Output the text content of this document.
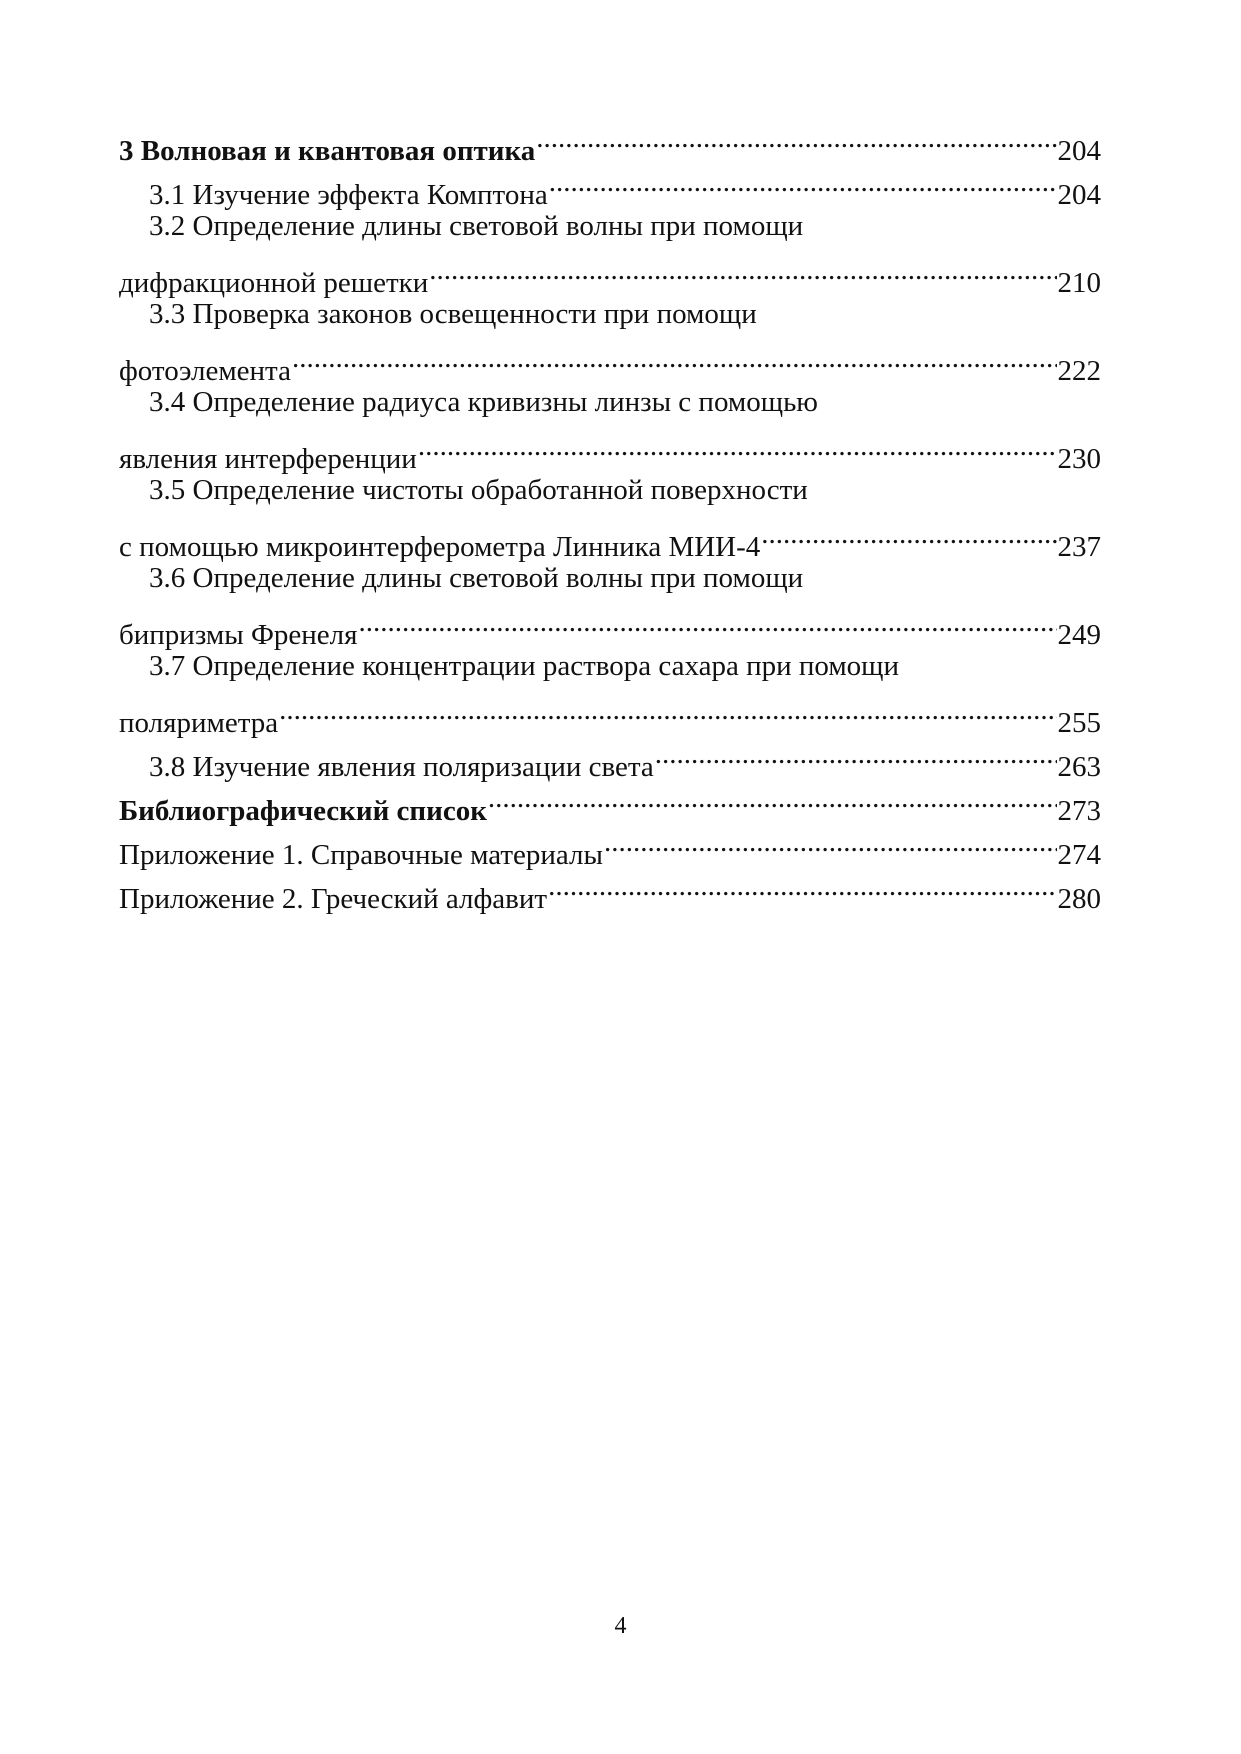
3 Волновая и квантовая оптика .....	204
3.1 Изучение эффекта Комптона .....	204
3.2 Определение длины световой волны при помощи
дифракционной решетки .....	210
3.3 Проверка законов освещенности при помощи
фотоэлемента .....	222
3.4 Определение радиуса кривизны линзы с помощью
явления интерференции .....	230
3.5 Определение чистоты обработанной поверхности
с помощью микроинтерферометра Линника МИИ-4 .....	237
3.6 Определение длины световой волны при помощи
бипризмы Френеля .....	249
3.7 Определение концентрации раствора сахара при помощи
поляриметра .....	255
3.8 Изучение явления поляризации света .....	263
Библиографический список .....	273
Приложение 1. Справочные материалы .....	274
Приложение 2. Греческий алфавит .....	280
4
